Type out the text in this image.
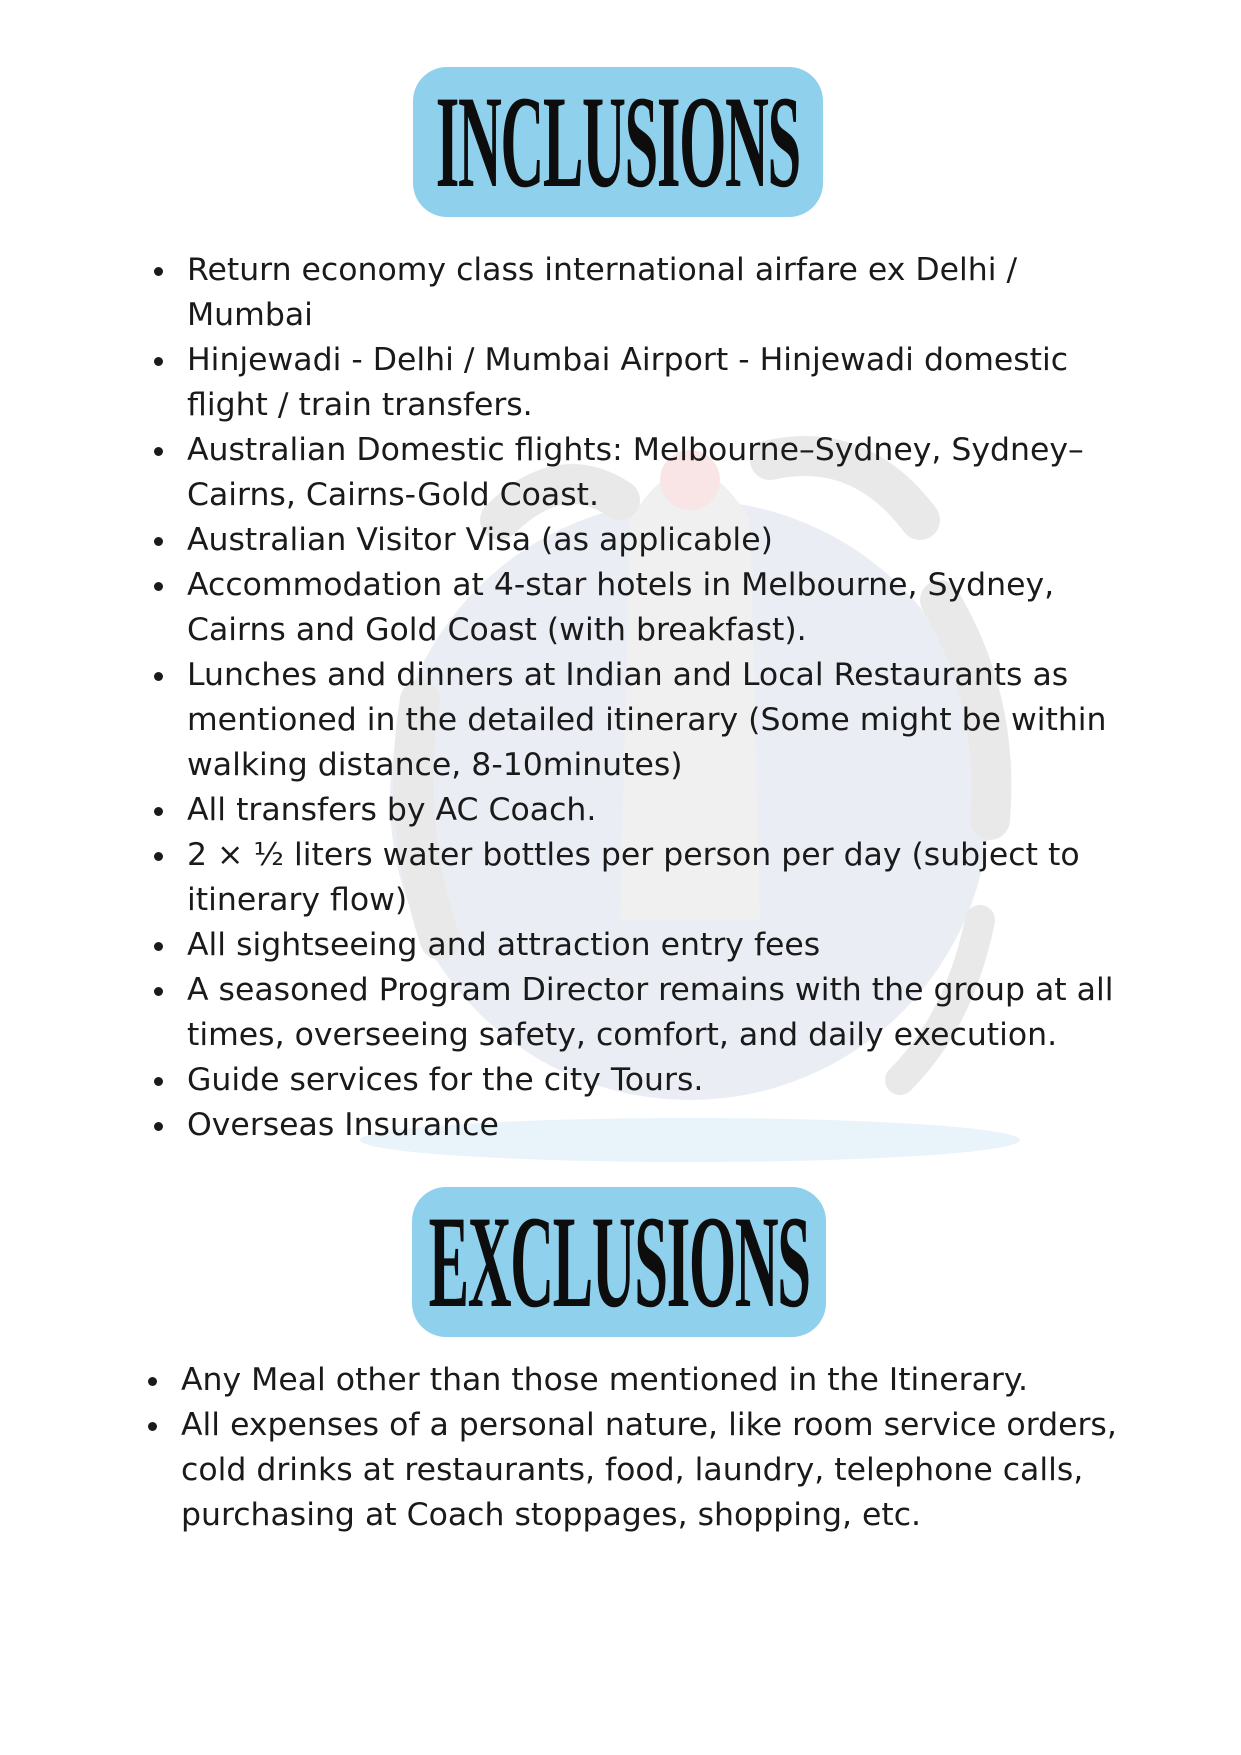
INCLUSIONS
Return economy class international airfare ex Delhi / Mumbai
Hinjewadi - Delhi / Mumbai Airport - Hinjewadi domestic flight / train transfers.
Australian Domestic flights: Melbourne–Sydney, Sydney–Cairns, Cairns-Gold Coast.
Australian Visitor Visa (as applicable)
Accommodation at 4-star hotels in Melbourne, Sydney, Cairns and Gold Coast (with breakfast).
Lunches and dinners at Indian and Local Restaurants as mentioned in the detailed itinerary (Some might be within walking distance, 8-10minutes)
All transfers by AC Coach.
2 × ½ liters water bottles per person per day (subject to itinerary flow)
All sightseeing and attraction entry fees
A seasoned Program Director remains with the group at all times, overseeing safety, comfort, and daily execution.
Guide services for the city Tours.
Overseas Insurance
EXCLUSIONS
Any Meal other than those mentioned in the Itinerary.
All expenses of a personal nature, like room service orders, cold drinks at restaurants, food, laundry, telephone calls, purchasing at Coach stoppages, shopping, etc.
